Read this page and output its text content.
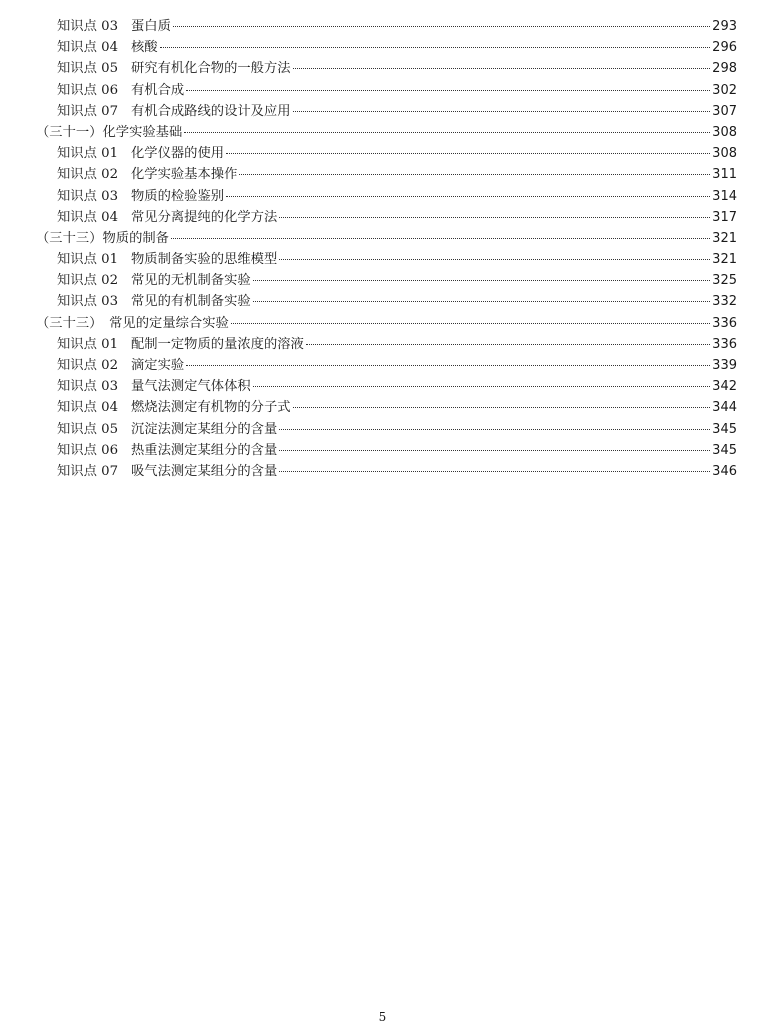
知识点 03 蛋白质	293
知识点 04 核酸	296
知识点 05 研究有机化合物的一般方法	298
知识点 06 有机合成	302
知识点 07 有机合成路线的设计及应用	307
（三十一）化学实验基础	308
知识点 01 化学仪器的使用	308
知识点 02 化学实验基本操作	311
知识点 03 物质的检验鉴别	314
知识点 04 常见分离提纯的化学方法	317
（三十三）物质的制备	321
知识点 01 物质制备实验的思维模型	321
知识点 02 常见的无机制备实验	325
知识点 03 常见的有机制备实验	332
（三十三）　常见的定量综合实验	336
知识点 01 配制一定物质的量浓度的溶液	336
知识点 02 滴定实验	339
知识点 03 量气法测定气体体积	342
知识点 04 燃烧法测定有机物的分子式	344
知识点 05 沉淀法测定某组分的含量	345
知识点 06 热重法测定某组分的含量	345
知识点 07 吸气法测定某组分的含量	346
5
